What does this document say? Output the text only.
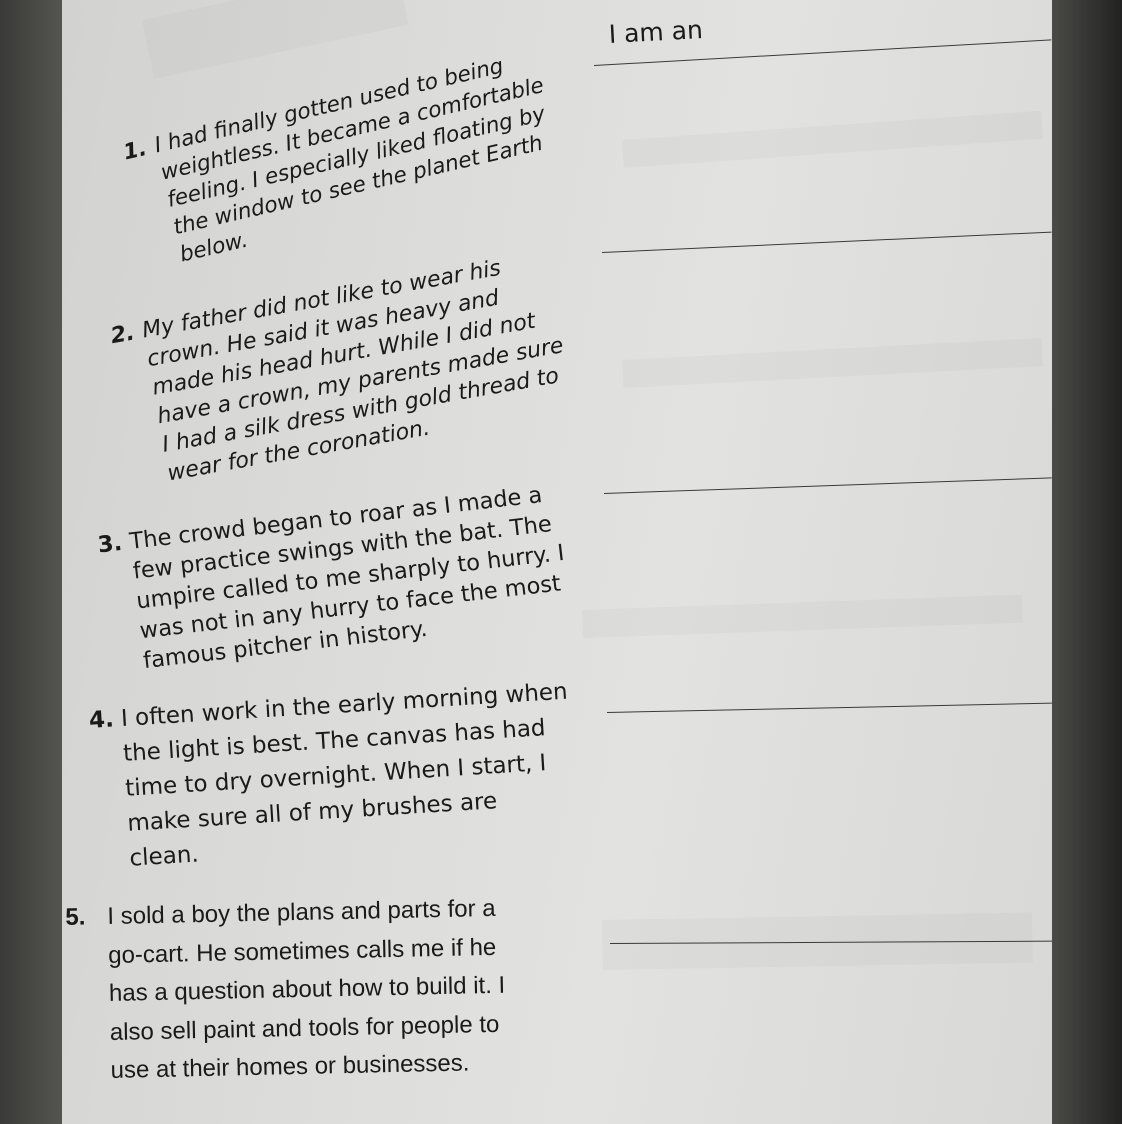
I am an
1. I had finally gotten used to being
weightless. It became a comfortable
feeling. I especially liked floating by
the window to see the planet Earth
below.
2. My father did not like to wear his
crown. He said it was heavy and
made his head hurt. While I did not
have a crown, my parents made sure
I had a silk dress with gold thread to
wear for the coronation.
3. The crowd began to roar as I made a
few practice swings with the bat. The
umpire called to me sharply to hurry. I
was not in any hurry to face the most
famous pitcher in history.
4. I often work in the early morning when
the light is best. The canvas has had
time to dry overnight. When I start, I
make sure all of my brushes are
clean.
5. I sold a boy the plans and parts for a
go-cart. He sometimes calls me if he
has a question about how to build it. I
also sell paint and tools for people to
use at their homes or businesses.
